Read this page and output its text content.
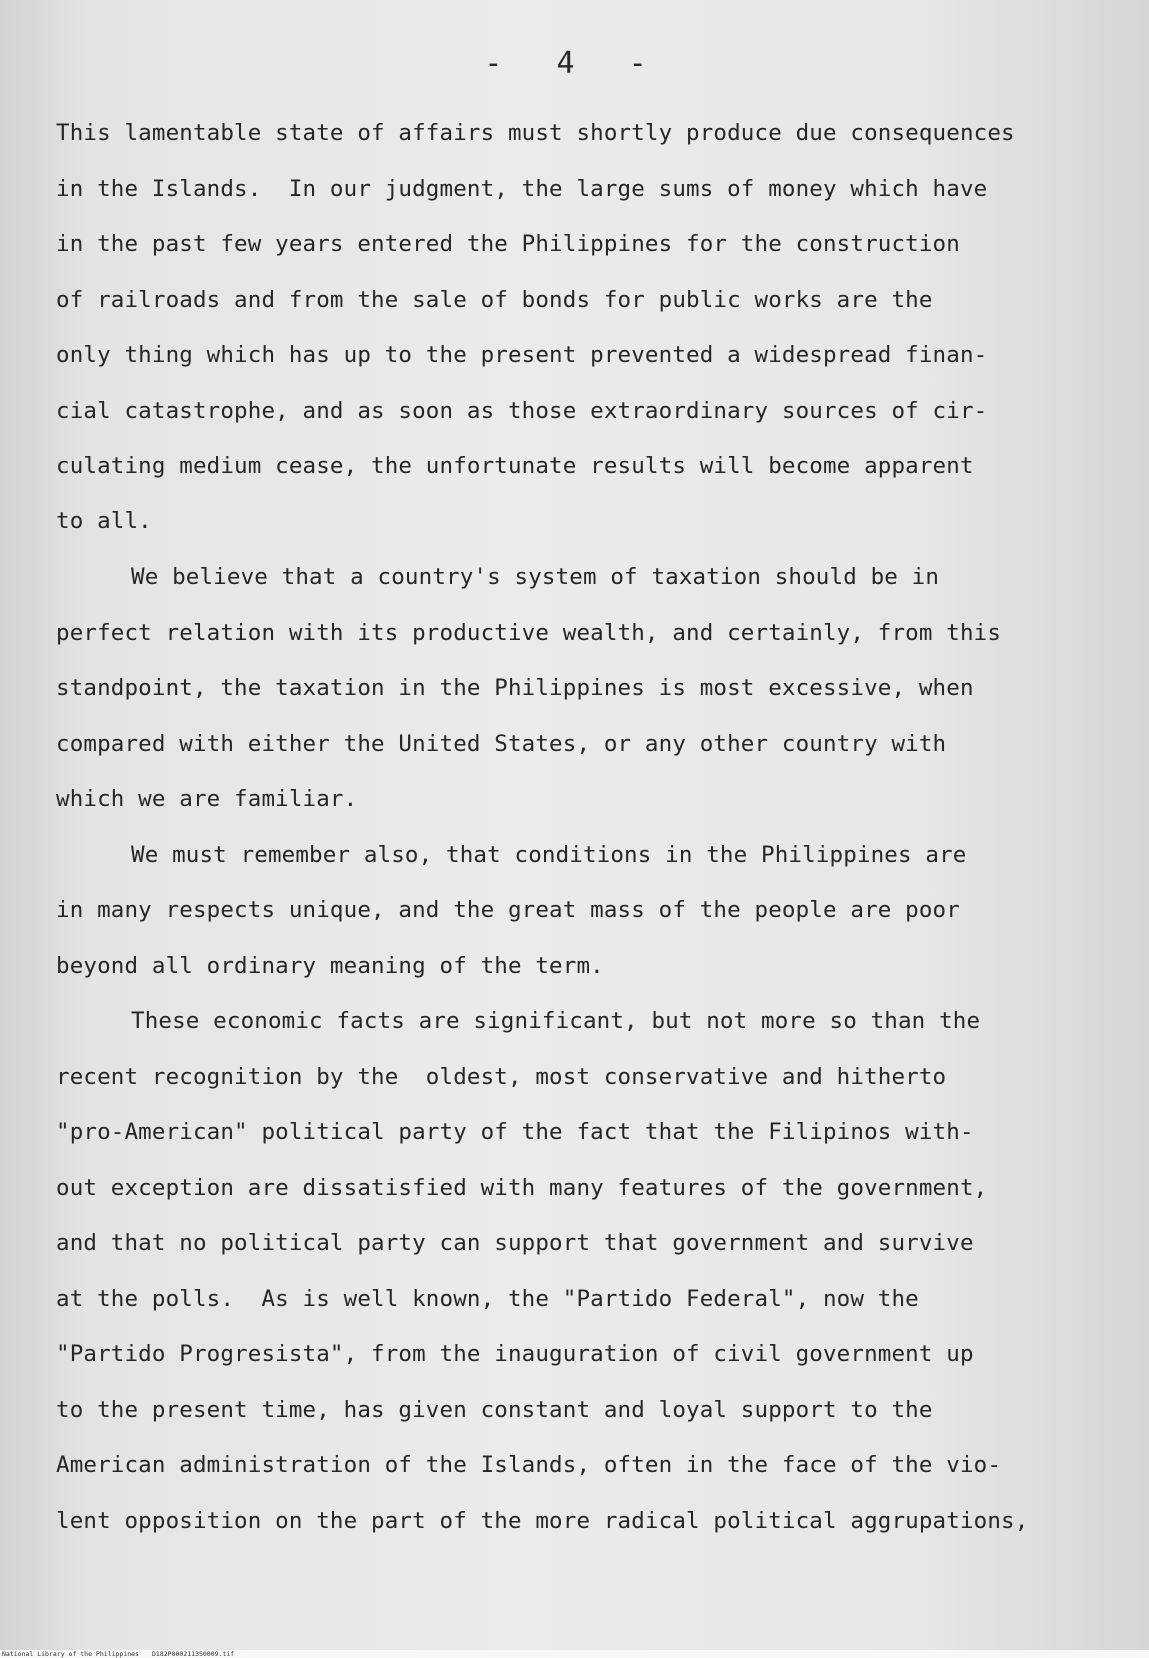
- 4 -
This lamentable state of affairs must shortly produce due consequences
in the Islands.  In our judgment, the large sums of money which have
in the past few years entered the Philippines for the construction
of railroads and from the sale of bonds for public works are the
only thing which has up to the present prevented a widespread finan-
cial catastrophe, and as soon as those extraordinary sources of cir-
culating medium cease, the unfortunate results will become apparent
to all.
We believe that a country's system of taxation should be in
perfect relation with its productive wealth, and certainly, from this
standpoint, the taxation in the Philippines is most excessive, when
compared with either the United States, or any other country with
which we are familiar.
We must remember also, that conditions in the Philippines are
in many respects unique, and the great mass of the people are poor
beyond all ordinary meaning of the term.
These economic facts are significant, but not more so than the
recent recognition by the  oldest, most conservative and hitherto
"pro-American" political party of the fact that the Filipinos with-
out exception are dissatisfied with many features of the government,
and that no political party can support that government and survive
at the polls.  As is well known, the "Partido Federal", now the
"Partido Progresista", from the inauguration of civil government up
to the present time, has given constant and loyal support to the
American administration of the Islands, often in the face of the vio-
lent opposition on the part of the more radical political aggrupations,
National Library of the Philippines D182P000211350009.tif
